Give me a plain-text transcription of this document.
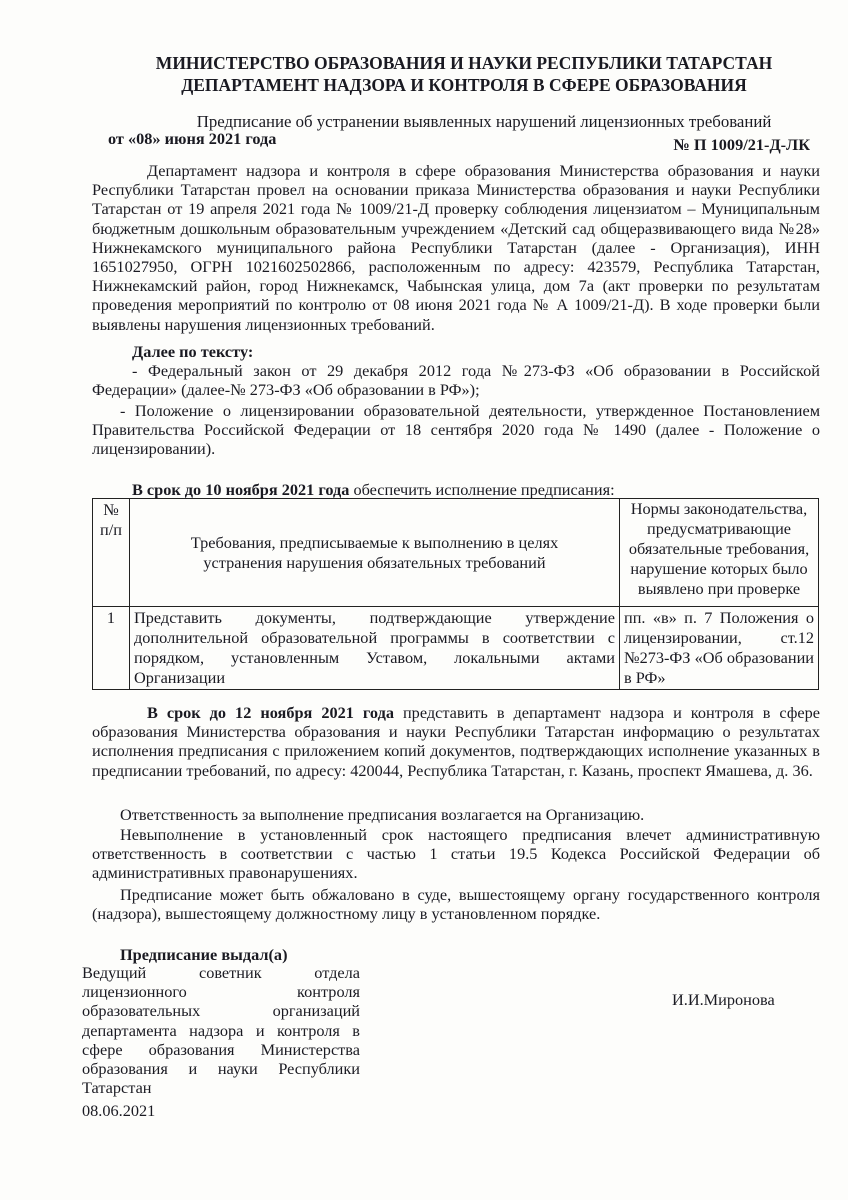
МИНИСТЕРСТВО ОБРАЗОВАНИЯ И НАУКИ РЕСПУБЛИКИ ТАТАРСТАН
ДЕПАРТАМЕНТ НАДЗОРА И КОНТРОЛЯ В СФЕРЕ ОБРАЗОВАНИЯ
Предписание об устранении выявленных нарушений лицензионных требований
от «08» июня 2021 года	№ П 1009/21-Д-ЛК
Департамент надзора и контроля в сфере образования Министерства образования и науки Республики Татарстан провел на основании приказа Министерства образования и науки Республики Татарстан от 19 апреля 2021 года № 1009/21-Д проверку соблюдения лицензиатом – Муниципальным бюджетным дошкольным образовательным учреждением «Детский сад общеразвивающего вида №28» Нижнекамского муниципального района Республики Татарстан (далее - Организация), ИНН 1651027950, ОГРН 1021602502866, расположенным по адресу: 423579, Республика Татарстан, Нижнекамский район, город Нижнекамск, Чабынская улица, дом 7а (акт проверки по результатам проведения мероприятий по контролю от 08 июня 2021 года № А 1009/21-Д). В ходе проверки были выявлены нарушения лицензионных требований.
Далее по тексту:
- Федеральный закон от 29 декабря 2012 года №273-ФЗ «Об образовании в Российской Федерации» (далее-№ 273-ФЗ «Об образовании в РФ»);
- Положение о лицензировании образовательной деятельности, утвержденное Постановлением Правительства Российской Федерации от 18 сентября 2020 года № 1490 (далее - Положение о лицензировании).
В срок до 10 ноября 2021 года обеспечить исполнение предписания:
№ п/п	Требования, предписываемые к выполнению в целях устранения нарушения обязательных требований	Нормы законодательства, предусматривающие обязательные требования, нарушение которых было выявлено при проверке
1	Представить документы, подтверждающие утверждение дополнительной образовательной программы в соответствии с порядком, установленным Уставом, локальными актами Организации	пп. «в» п. 7 Положения о лицензировании, ст.12 №273-ФЗ «Об образовании в РФ»
В срок до 12 ноября 2021 года представить в департамент надзора и контроля в сфере образования Министерства образования и науки Республики Татарстан информацию о результатах исполнения предписания с приложением копий документов, подтверждающих исполнение указанных в предписании требований, по адресу: 420044, Республика Татарстан, г. Казань, проспект Ямашева, д. 36.
Ответственность за выполнение предписания возлагается на Организацию.
Невыполнение в установленный срок настоящего предписания влечет административную ответственность в соответствии с частью 1 статьи 19.5 Кодекса Российской Федерации об административных правонарушениях.
Предписание может быть обжаловано в суде, вышестоящему органу государственного контроля (надзора), вышестоящему должностному лицу в установленном порядке.
Предписание выдал(а)
Ведущий советник отдела лицензионного контроля образовательных организаций департамента надзора и контроля в сфере образования Министерства образования и науки Республики Татарстан
08.06.2021
И.И.Миронова
